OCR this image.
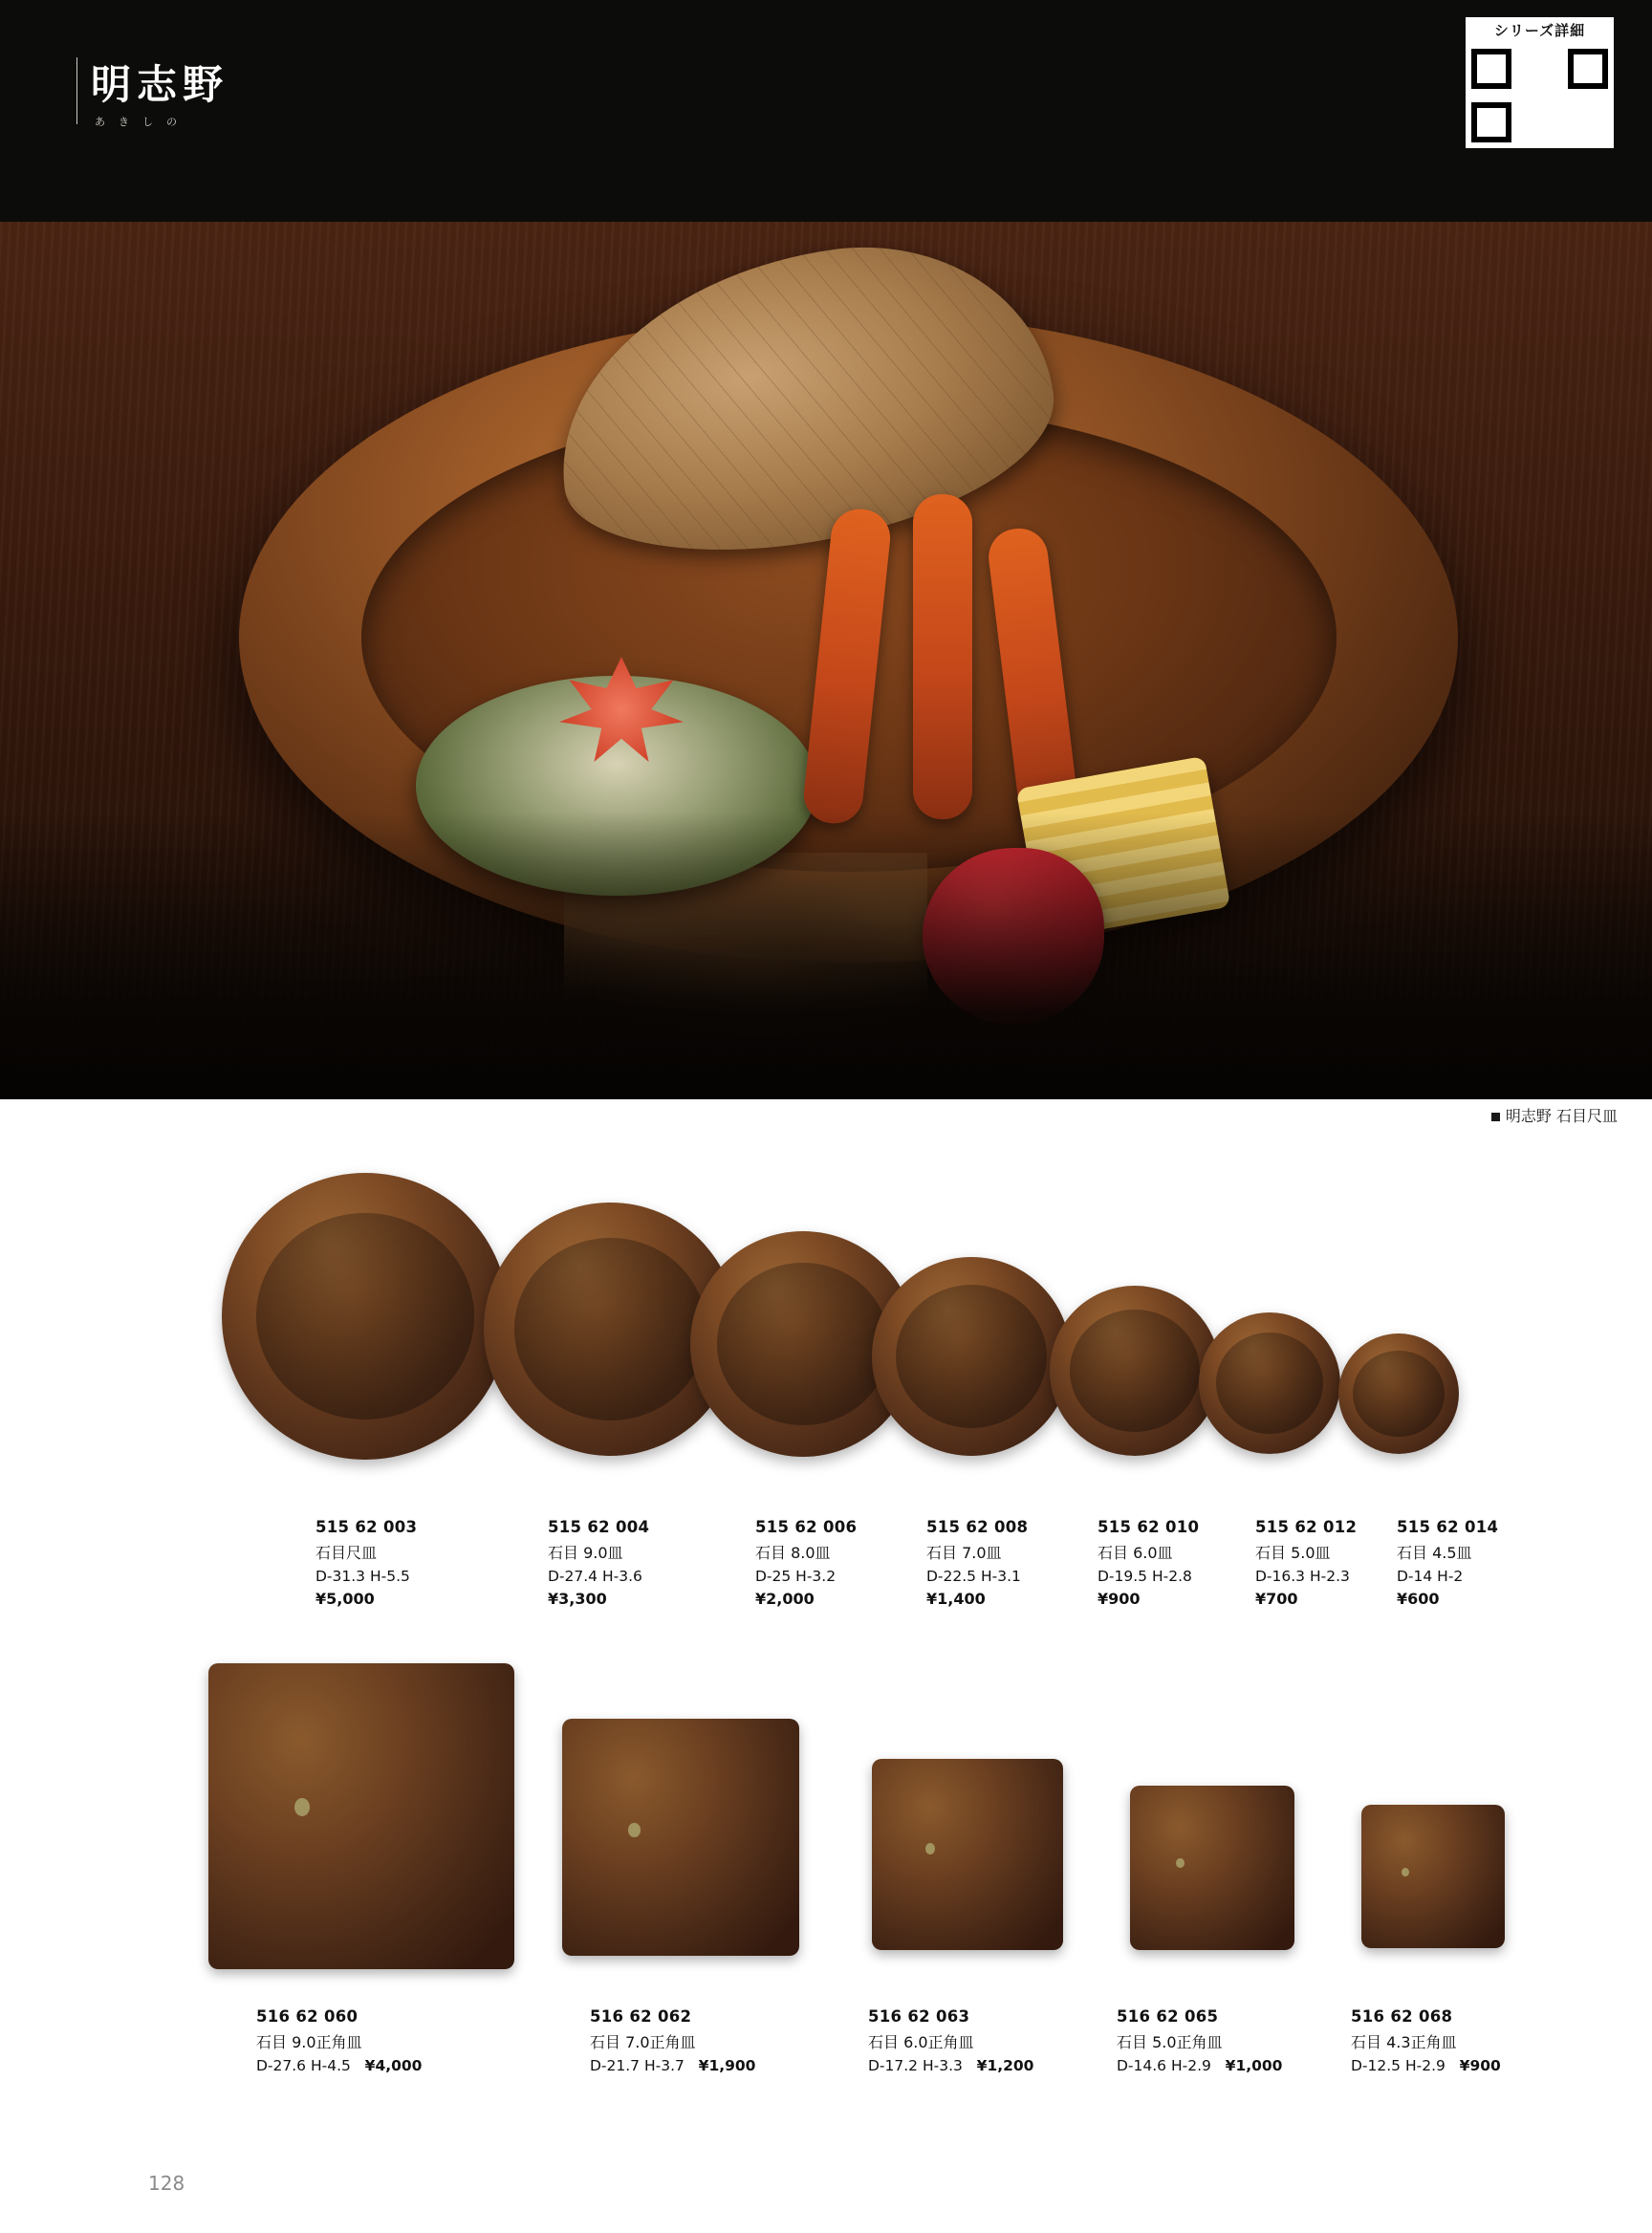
明志野
あきしの
シリーズ詳細
明志野 石目尺皿
515 62 003
石目尺皿
D-31.3 H-5.5
¥5,000
515 62 004
石目 9.0皿
D-27.4 H-3.6
¥3,300
515 62 006
石目 8.0皿
D-25 H-3.2
¥2,000
515 62 008
石目 7.0皿
D-22.5 H-3.1
¥1,400
515 62 010
石目 6.0皿
D-19.5 H-2.8
¥900
515 62 012
石目 5.0皿
D-16.3 H-2.3
¥700
515 62 014
石目 4.5皿
D-14 H-2
¥600
516 62 060
石目 9.0正角皿
D-27.6 H-4.5 ¥4,000
516 62 062
石目 7.0正角皿
D-21.7 H-3.7 ¥1,900
516 62 063
石目 6.0正角皿
D-17.2 H-3.3 ¥1,200
516 62 065
石目 5.0正角皿
D-14.6 H-2.9 ¥1,000
516 62 068
石目 4.3正角皿
D-12.5 H-2.9 ¥900
128
